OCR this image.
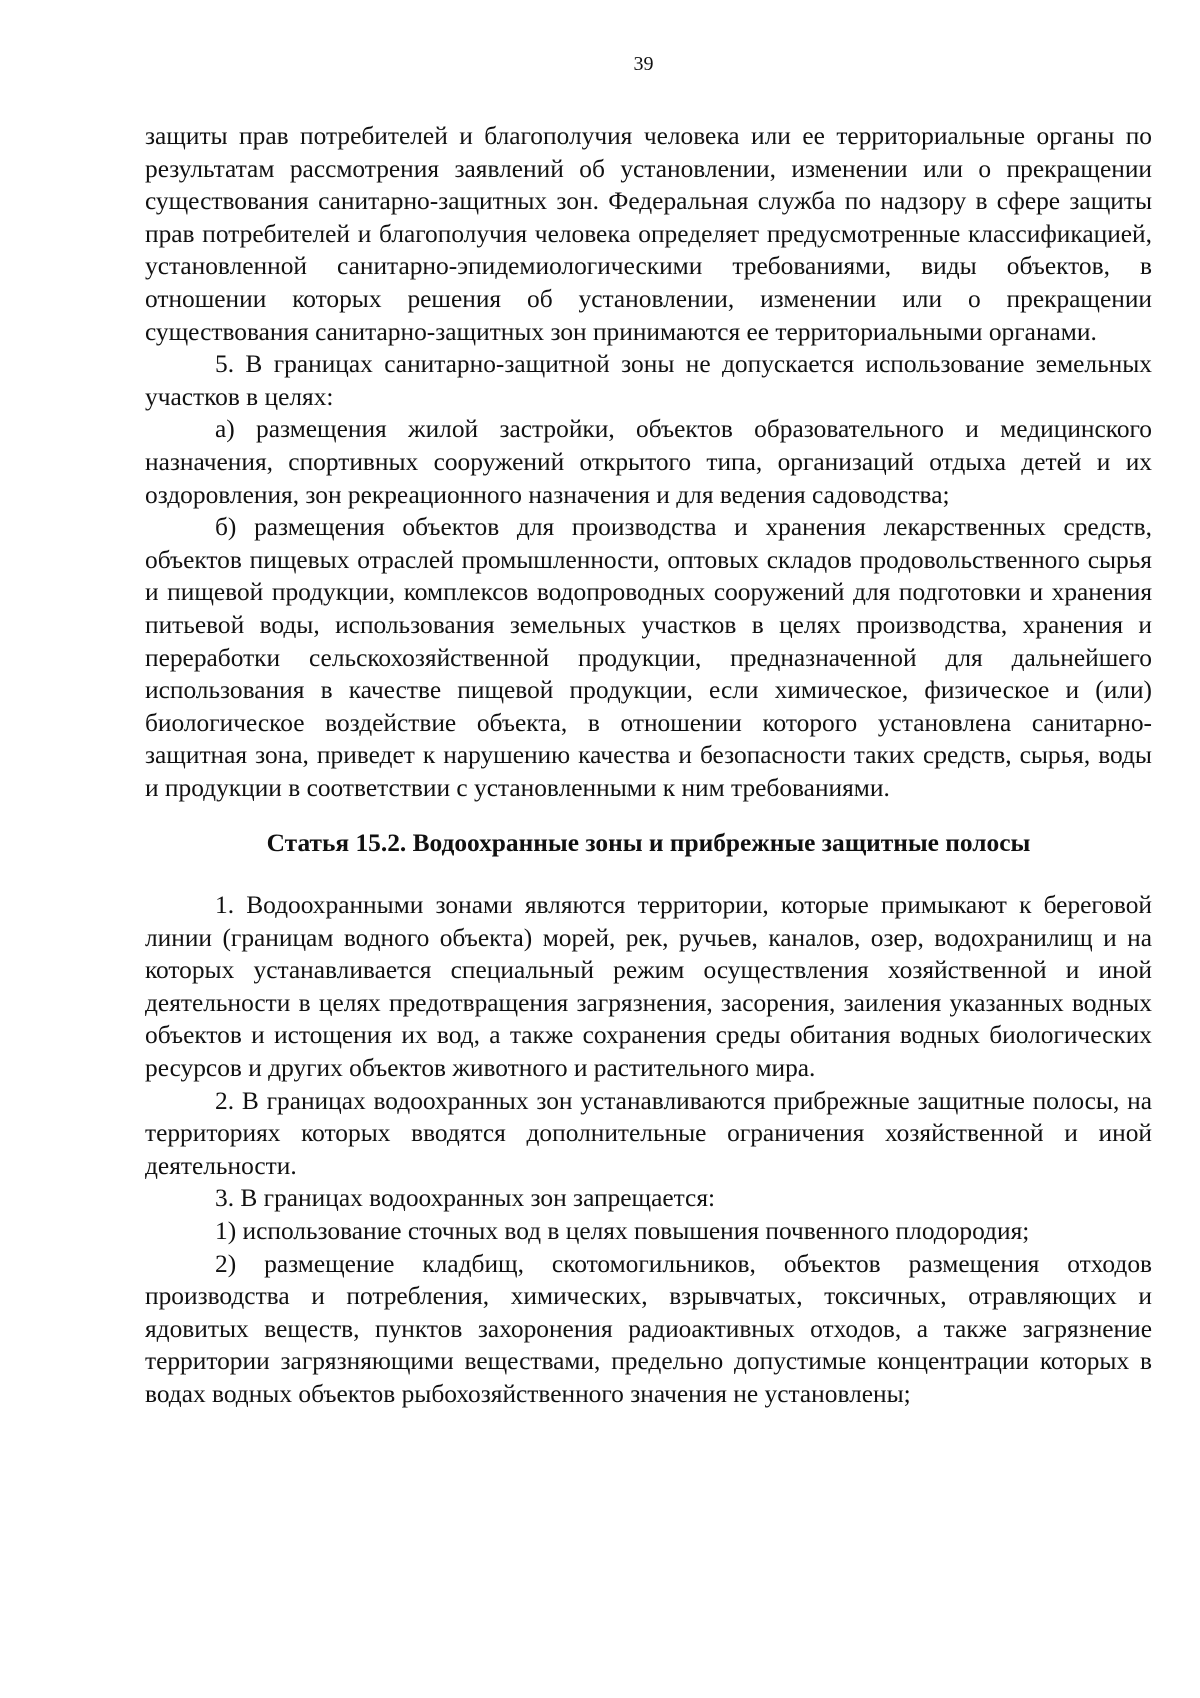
39

защиты прав потребителей и благополучия человека или ее территориальные органы по результатам рассмотрения заявлений об установлении, изменении или о прекращении существования санитарно-защитных зон. Федеральная служба по надзору в сфере защиты прав потребителей и благополучия человека определяет предусмотренные классификацией, установленной санитарно-эпидемиологическими требованиями, виды объектов, в отношении которых решения об установлении, изменении или о прекращении существования санитарно-защитных зон принимаются ее территориальными органами.

5. В границах санитарно-защитной зоны не допускается использование земельных участков в целях:

а) размещения жилой застройки, объектов образовательного и медицинского назначения, спортивных сооружений открытого типа, организаций отдыха детей и их оздоровления, зон рекреационного назначения и для ведения садоводства;

б) размещения объектов для производства и хранения лекарственных средств, объектов пищевых отраслей промышленности, оптовых складов продовольственного сырья и пищевой продукции, комплексов водопроводных сооружений для подготовки и хранения питьевой воды, использования земельных участков в целях производства, хранения и переработки сельскохозяйственной продукции, предназначенной для дальнейшего использования в качестве пищевой продукции, если химическое, физическое и (или) биологическое воздействие объекта, в отношении которого установлена санитарно-защитная зона, приведет к нарушению качества и безопасности таких средств, сырья, воды и продукции в соответствии с установленными к ним требованиями.

Статья 15.2. Водоохранные зоны и прибрежные защитные полосы

1. Водоохранными зонами являются территории, которые примыкают к береговой линии (границам водного объекта) морей, рек, ручьев, каналов, озер, водохранилищ и на которых устанавливается специальный режим осуществления хозяйственной и иной деятельности в целях предотвращения загрязнения, засорения, заиления указанных водных объектов и истощения их вод, а также сохранения среды обитания водных биологических ресурсов и других объектов животного и растительного мира.

2. В границах водоохранных зон устанавливаются прибрежные защитные полосы, на территориях которых вводятся дополнительные ограничения хозяйственной и иной деятельности.

3. В границах водоохранных зон запрещается:

1) использование сточных вод в целях повышения почвенного плодородия;

2) размещение кладбищ, скотомогильников, объектов размещения отходов производства и потребления, химических, взрывчатых, токсичных, отравляющих и ядовитых веществ, пунктов захоронения радиоактивных отходов, а также загрязнение территории загрязняющими веществами, предельно допустимые концентрации которых в водах водных объектов рыбохозяйственного значения не установлены;
